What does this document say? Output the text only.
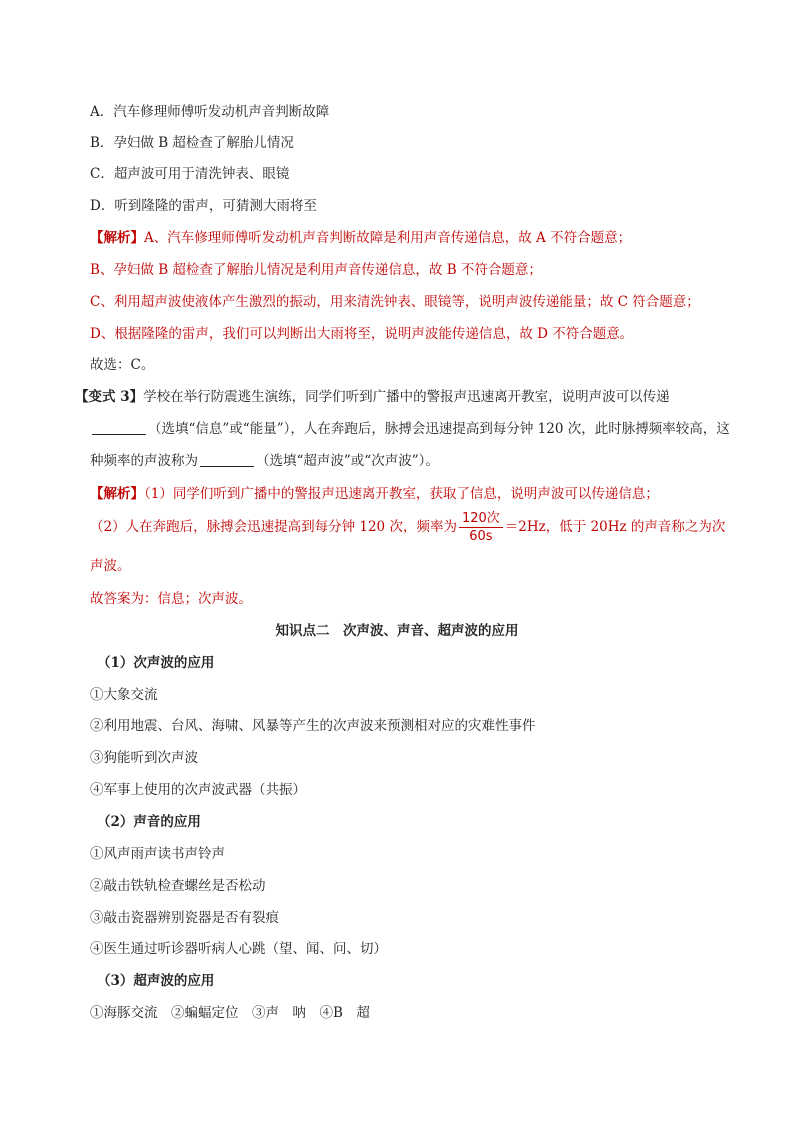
A．汽车修理师傅听发动机声音判断故障
B．孕妇做 B 超检查了解胎儿情况
C．超声波可用于清洗钟表、眼镜
D．听到隆隆的雷声，可猜测大雨将至
【解析】A、汽车修理师傅听发动机声音判断故障是利用声音传递信息，故 A 不符合题意；
B、孕妇做 B 超检查了解胎儿情况是利用声音传递信息，故 B 不符合题意；
C、利用超声波使液体产生激烈的振动，用来清洗钟表、眼镜等，说明声波传递能量；故 C 符合题意；
D、根据隆隆的雷声，我们可以判断出大雨将至，说明声波能传递信息，故 D 不符合题意。
故选：C。
【变式 3】学校在举行防震逃生演练，同学们听到广播中的警报声迅速离开教室，说明声波可以传递
（选填“信息”或“能量”），人在奔跑后，脉搏会迅速提高到每分钟 120 次，此时脉搏频率较高，这
种频率的声波称为	（选填“超声波”或“次声波”）。
【解析】（1）同学们听到广播中的警报声迅速离开教室，获取了信息，说明声波可以传递信息；
（2）人在奔跑后，脉搏会迅速提高到每分钟 120 次，频率为 $\frac{\text{120次}}{60s} =2Hz$，低于 20Hz 的声音称之为次
声波。
故答案为：信息；次声波。
知识点二　次声波、声音、超声波的应用
（1）次声波的应用
①大象交流
②利用地震、台风、海啸、风暴等产生的次声波来预测相对应的灾难性事件
③狗能听到次声波
④军事上使用的次声波武器（共振）
（2）声音的应用
①风声雨声读书声铃声
②敲击铁轨检查螺丝是否松动
③敲击瓷器辨别瓷器是否有裂痕
④医生通过听诊器听病人心跳（望、闻、问、切）
（3）超声波的应用
①海豚交流　②蝙蝠定位　③声　呐　④B　超
